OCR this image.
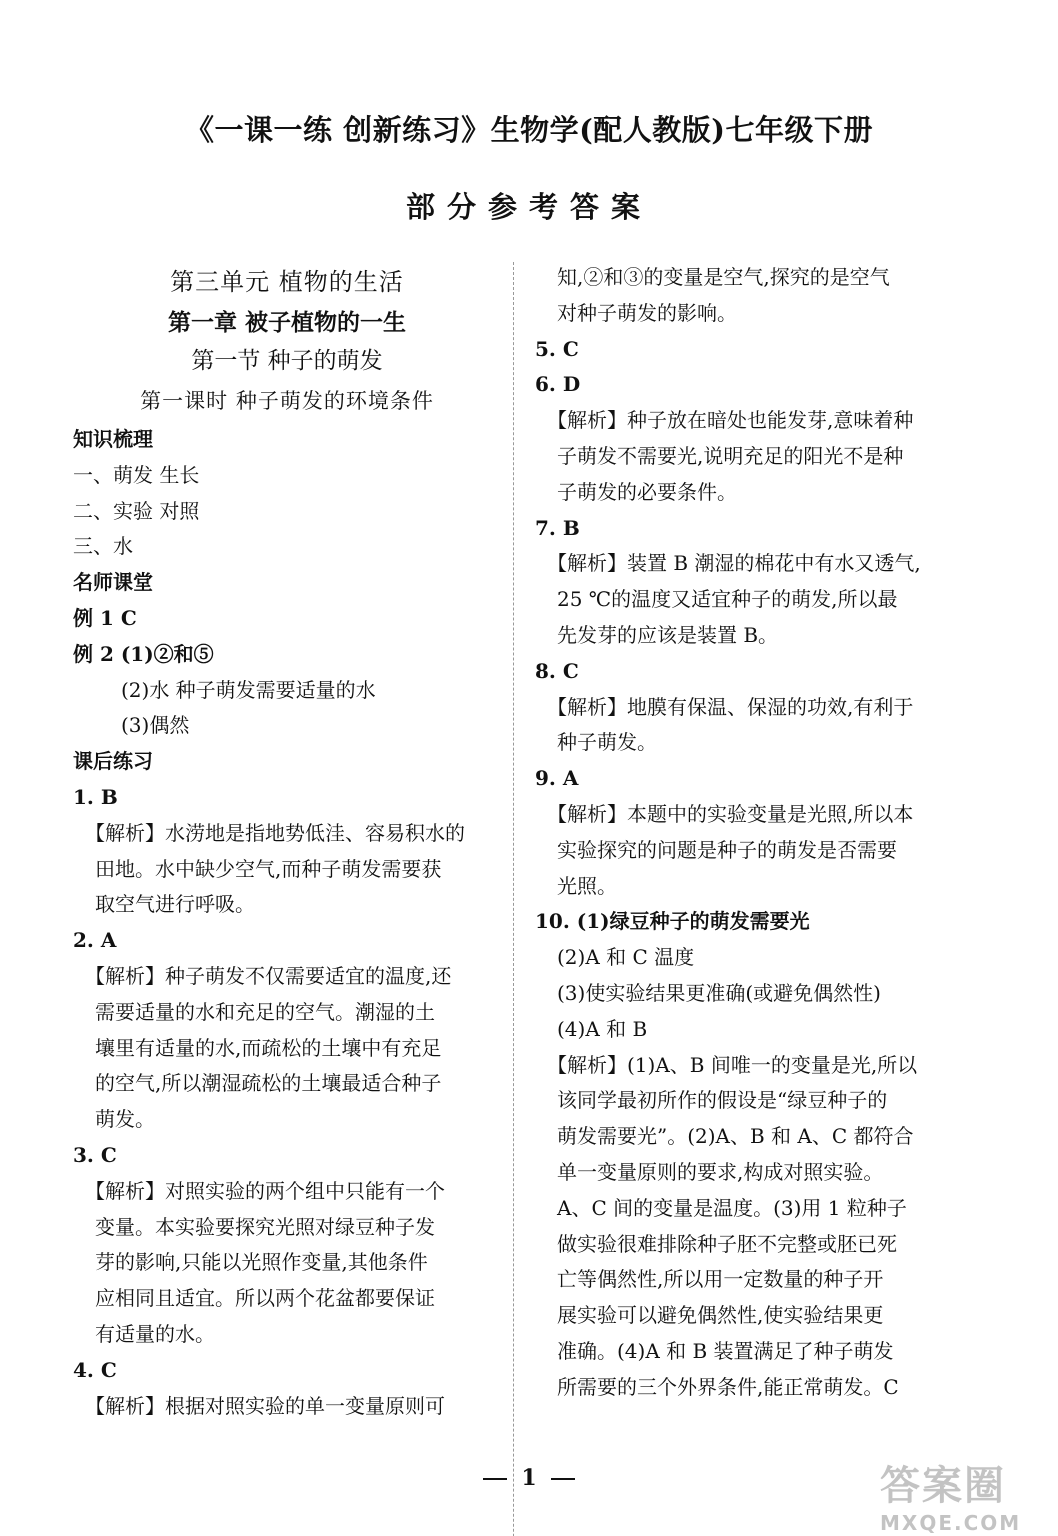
《一课一练 创新练习》生物学(配人教版)七年级下册
部分参考答案
第三单元 植物的生活
第一章 被子植物的一生
第一节 种子的萌发
第一课时 种子萌发的环境条件
知识梳理
一、萌发 生长
二、实验 对照
三、水
名师课堂
例 1 C
例 2 (1)②和⑤
(2)水 种子萌发需要适量的水
(3)偶然
课后练习
1. B
【解析】水涝地是指地势低洼、容易积水的
田地。水中缺少空气,而种子萌发需要获
取空气进行呼吸。
2. A
【解析】种子萌发不仅需要适宜的温度,还
需要适量的水和充足的空气。潮湿的土
壤里有适量的水,而疏松的土壤中有充足
的空气,所以潮湿疏松的土壤最适合种子
萌发。
3. C
【解析】对照实验的两个组中只能有一个
变量。本实验要探究光照对绿豆种子发
芽的影响,只能以光照作变量,其他条件
应相同且适宜。所以两个花盆都要保证
有适量的水。
4. C
【解析】根据对照实验的单一变量原则可
知,②和③的变量是空气,探究的是空气
对种子萌发的影响。
5. C
6. D
【解析】种子放在暗处也能发芽,意味着种
子萌发不需要光,说明充足的阳光不是种
子萌发的必要条件。
7. B
【解析】装置 B 潮湿的棉花中有水又透气,
25 ℃的温度又适宜种子的萌发,所以最
先发芽的应该是装置 B。
8. C
【解析】地膜有保温、保湿的功效,有利于
种子萌发。
9. A
【解析】本题中的实验变量是光照,所以本
实验探究的问题是种子的萌发是否需要
光照。
10. (1)绿豆种子的萌发需要光
(2)A 和 C 温度
(3)使实验结果更准确(或避免偶然性)
(4)A 和 B
【解析】(1)A、B 间唯一的变量是光,所以
该同学最初所作的假设是“绿豆种子的
萌发需要光”。(2)A、B 和 A、C 都符合
单一变量原则的要求,构成对照实验。
A、C 间的变量是温度。(3)用 1 粒种子
做实验很难排除种子胚不完整或胚已死
亡等偶然性,所以用一定数量的种子开
展实验可以避免偶然性,使实验结果更
准确。(4)A 和 B 装置满足了种子萌发
所需要的三个外界条件,能正常萌发。C
1	答案圈
MXQE.COM
